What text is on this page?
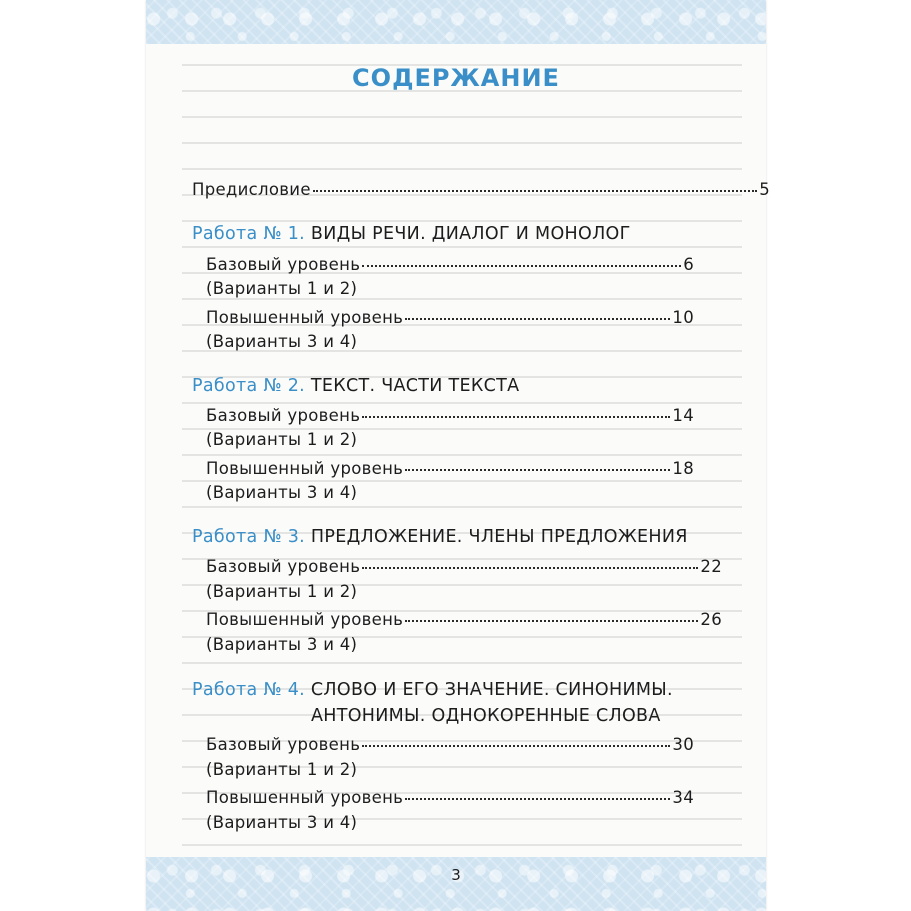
СОДЕРЖАНИЕ
Предисловие	5
Работа № 1. ВИДЫ РЕЧИ. ДИАЛОГ И МОНОЛОГ
Базовый уровень	6
(Варианты 1 и 2)
Повышенный уровень	10
(Варианты 3 и 4)
Работа № 2. ТЕКСТ. ЧАСТИ ТЕКСТА
Базовый уровень	14
(Варианты 1 и 2)
Повышенный уровень	18
(Варианты 3 и 4)
Работа № 3. ПРЕДЛОЖЕНИЕ. ЧЛЕНЫ ПРЕДЛОЖЕНИЯ
Базовый уровень	22
(Варианты 1 и 2)
Повышенный уровень	26
(Варианты 3 и 4)
Работа № 4. СЛОВО И ЕГО ЗНАЧЕНИЕ. СИНОНИМЫ.
АНТОНИМЫ. ОДНОКОРЕННЫЕ СЛОВА
Базовый уровень	30
(Варианты 1 и 2)
Повышенный уровень	34
(Варианты 3 и 4)
3
